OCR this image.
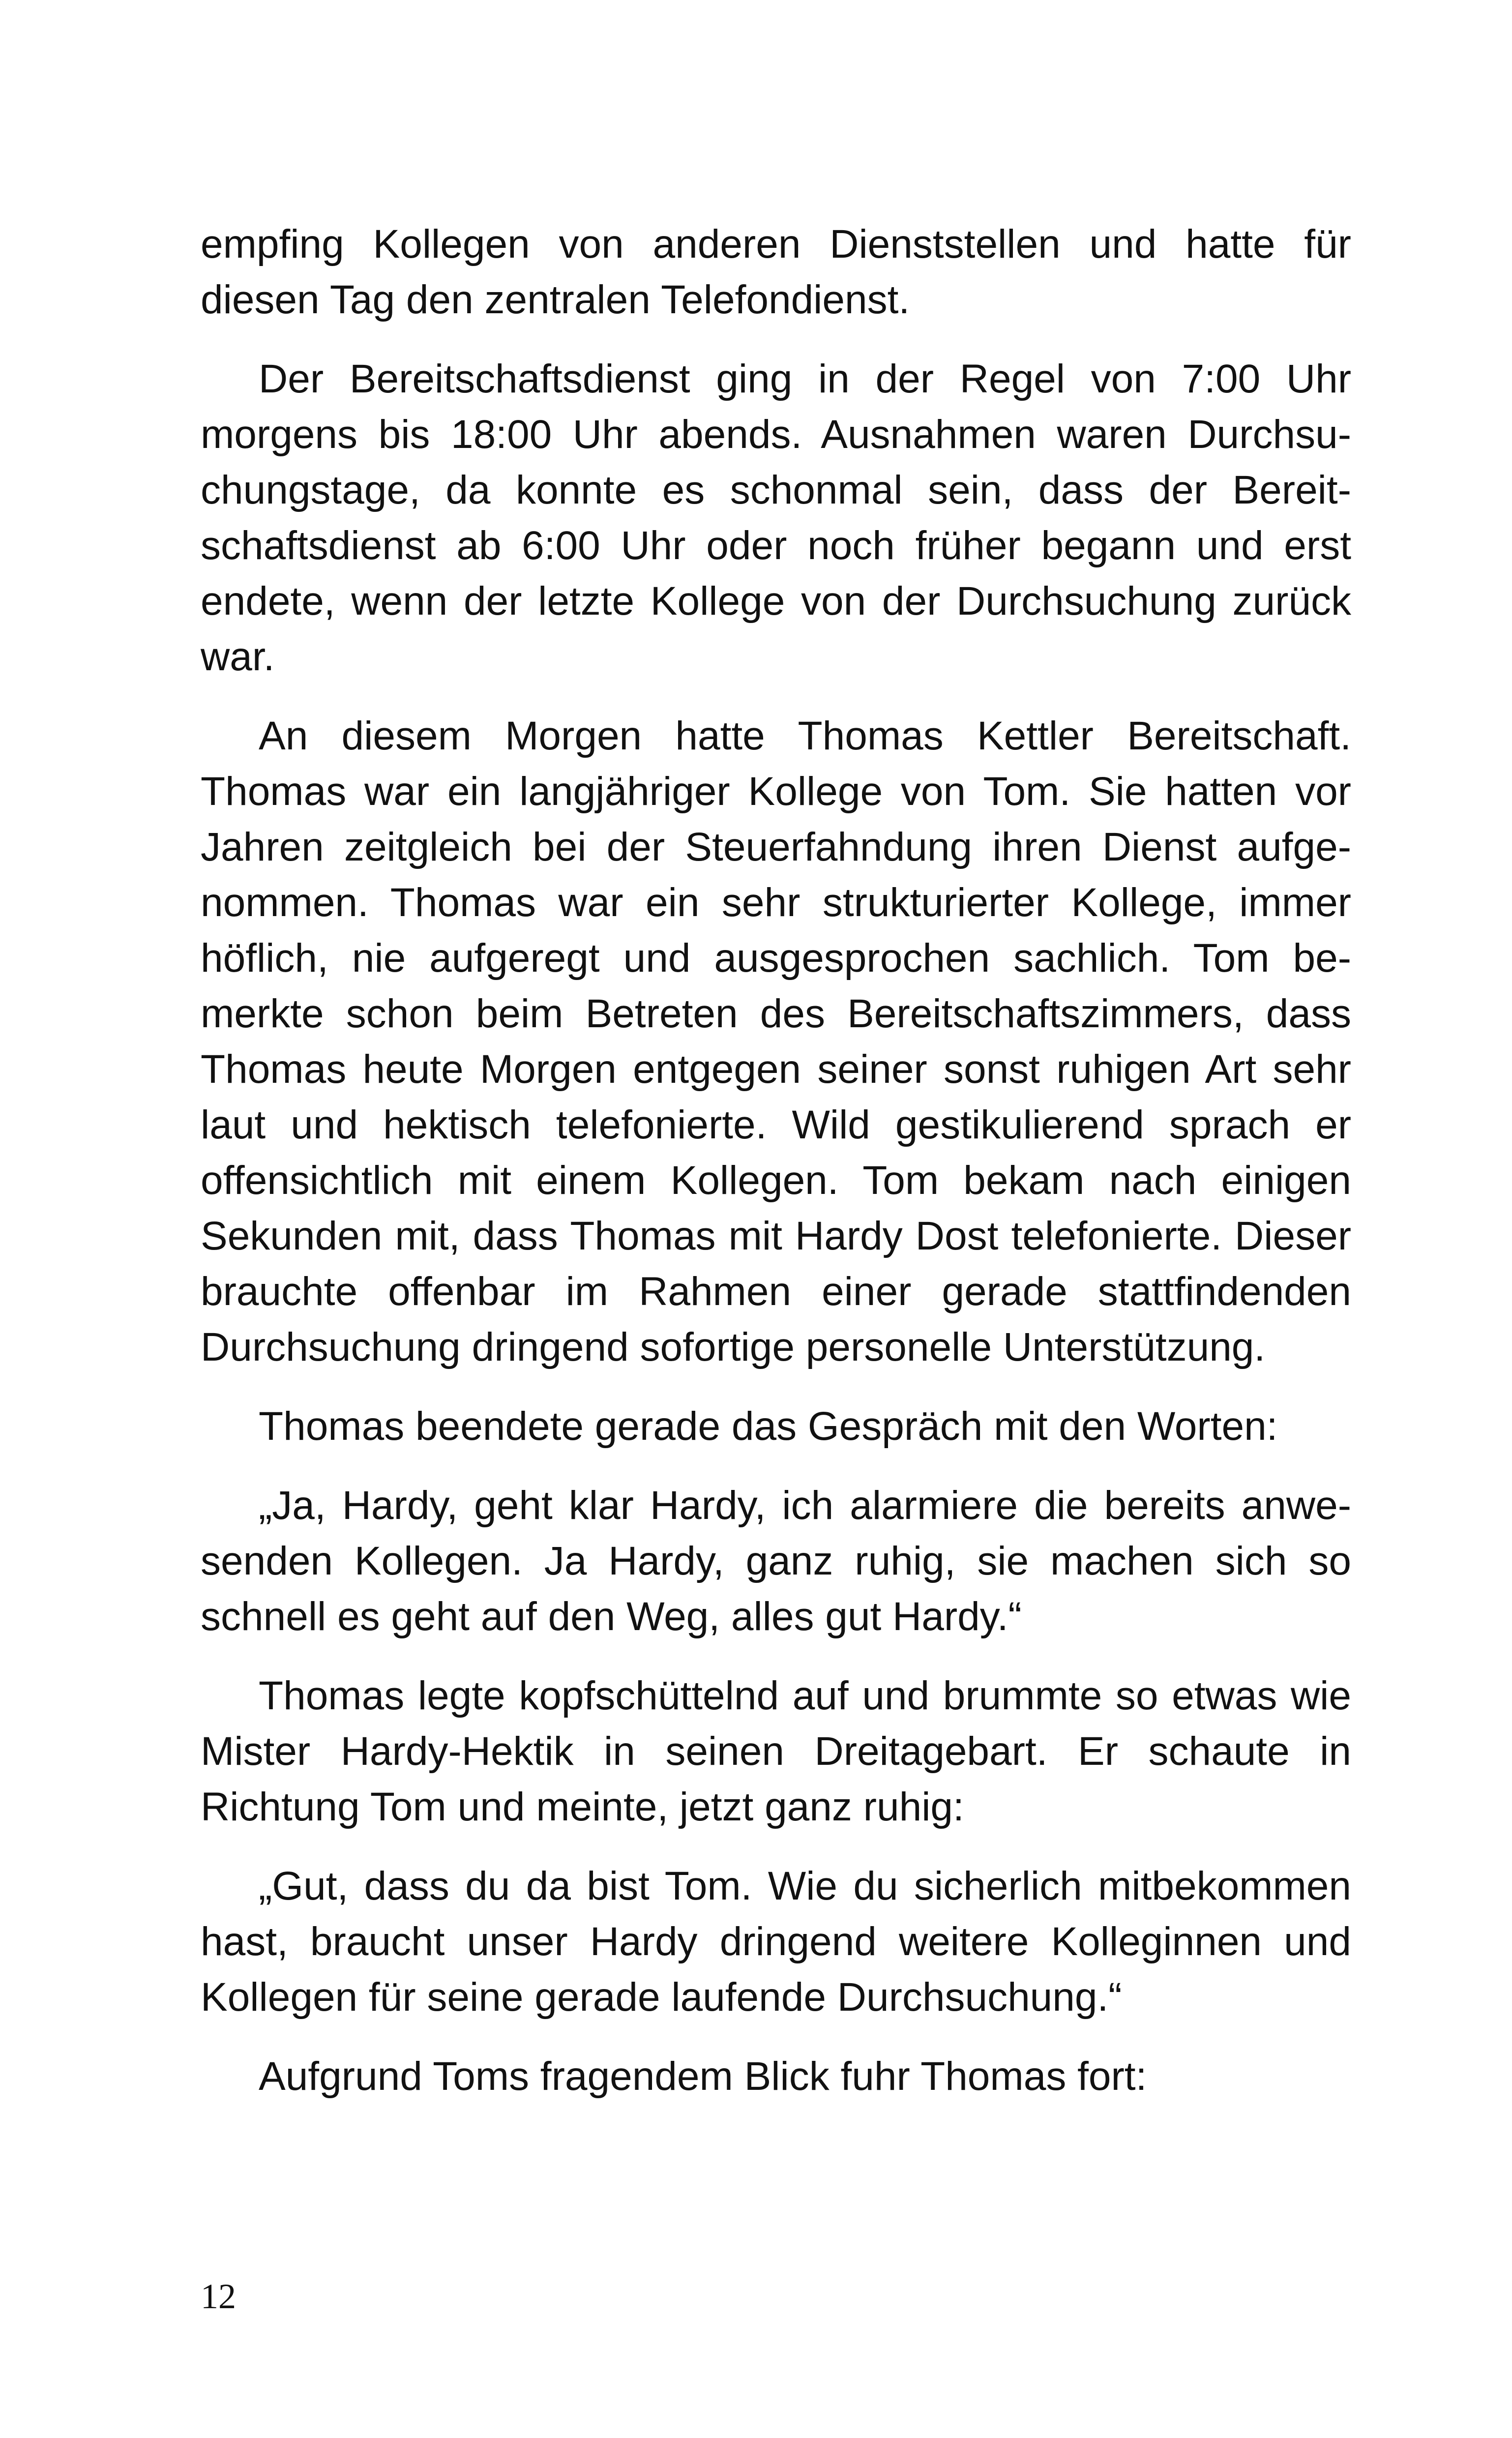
empfing Kollegen von anderen Dienststellen und hatte für diesen Tag den zentralen Telefondienst.

Der Bereitschaftsdienst ging in der Regel von 7:00 Uhr morgens bis 18:00 Uhr abends. Ausnahmen waren Durchsuchungstage, da konnte es schonmal sein, dass der Bereitschaftsdienst ab 6:00 Uhr oder noch früher begann und erst endete, wenn der letzte Kollege von der Durchsuchung zurück war.

An diesem Morgen hatte Thomas Kettler Bereitschaft. Thomas war ein langjähriger Kollege von Tom. Sie hatten vor Jahren zeitgleich bei der Steuerfahndung ihren Dienst aufgenommen. Thomas war ein sehr strukturierter Kollege, immer höflich, nie aufgeregt und ausgesprochen sachlich. Tom bemerkte schon beim Betreten des Bereitschaftszimmers, dass Thomas heute Morgen entgegen seiner sonst ruhigen Art sehr laut und hektisch telefonierte. Wild gestikulierend sprach er offensichtlich mit einem Kollegen. Tom bekam nach einigen Sekunden mit, dass Thomas mit Hardy Dost telefonierte. Dieser brauchte offenbar im Rahmen einer gerade stattfindenden Durchsuchung dringend sofortige personelle Unterstützung.

Thomas beendete gerade das Gespräch mit den Worten:

„Ja, Hardy, geht klar Hardy, ich alarmiere die bereits anwesenden Kollegen. Ja Hardy, ganz ruhig, sie machen sich so schnell es geht auf den Weg, alles gut Hardy.“

Thomas legte kopfschüttelnd auf und brummte so etwas wie Mister Hardy-Hektik in seinen Dreitagebart. Er schaute in Richtung Tom und meinte, jetzt ganz ruhig:

„Gut, dass du da bist Tom. Wie du sicherlich mitbekommen hast, braucht unser Hardy dringend weitere Kolleginnen und Kollegen für seine gerade laufende Durchsuchung.“

Aufgrund Toms fragendem Blick fuhr Thomas fort:

12
